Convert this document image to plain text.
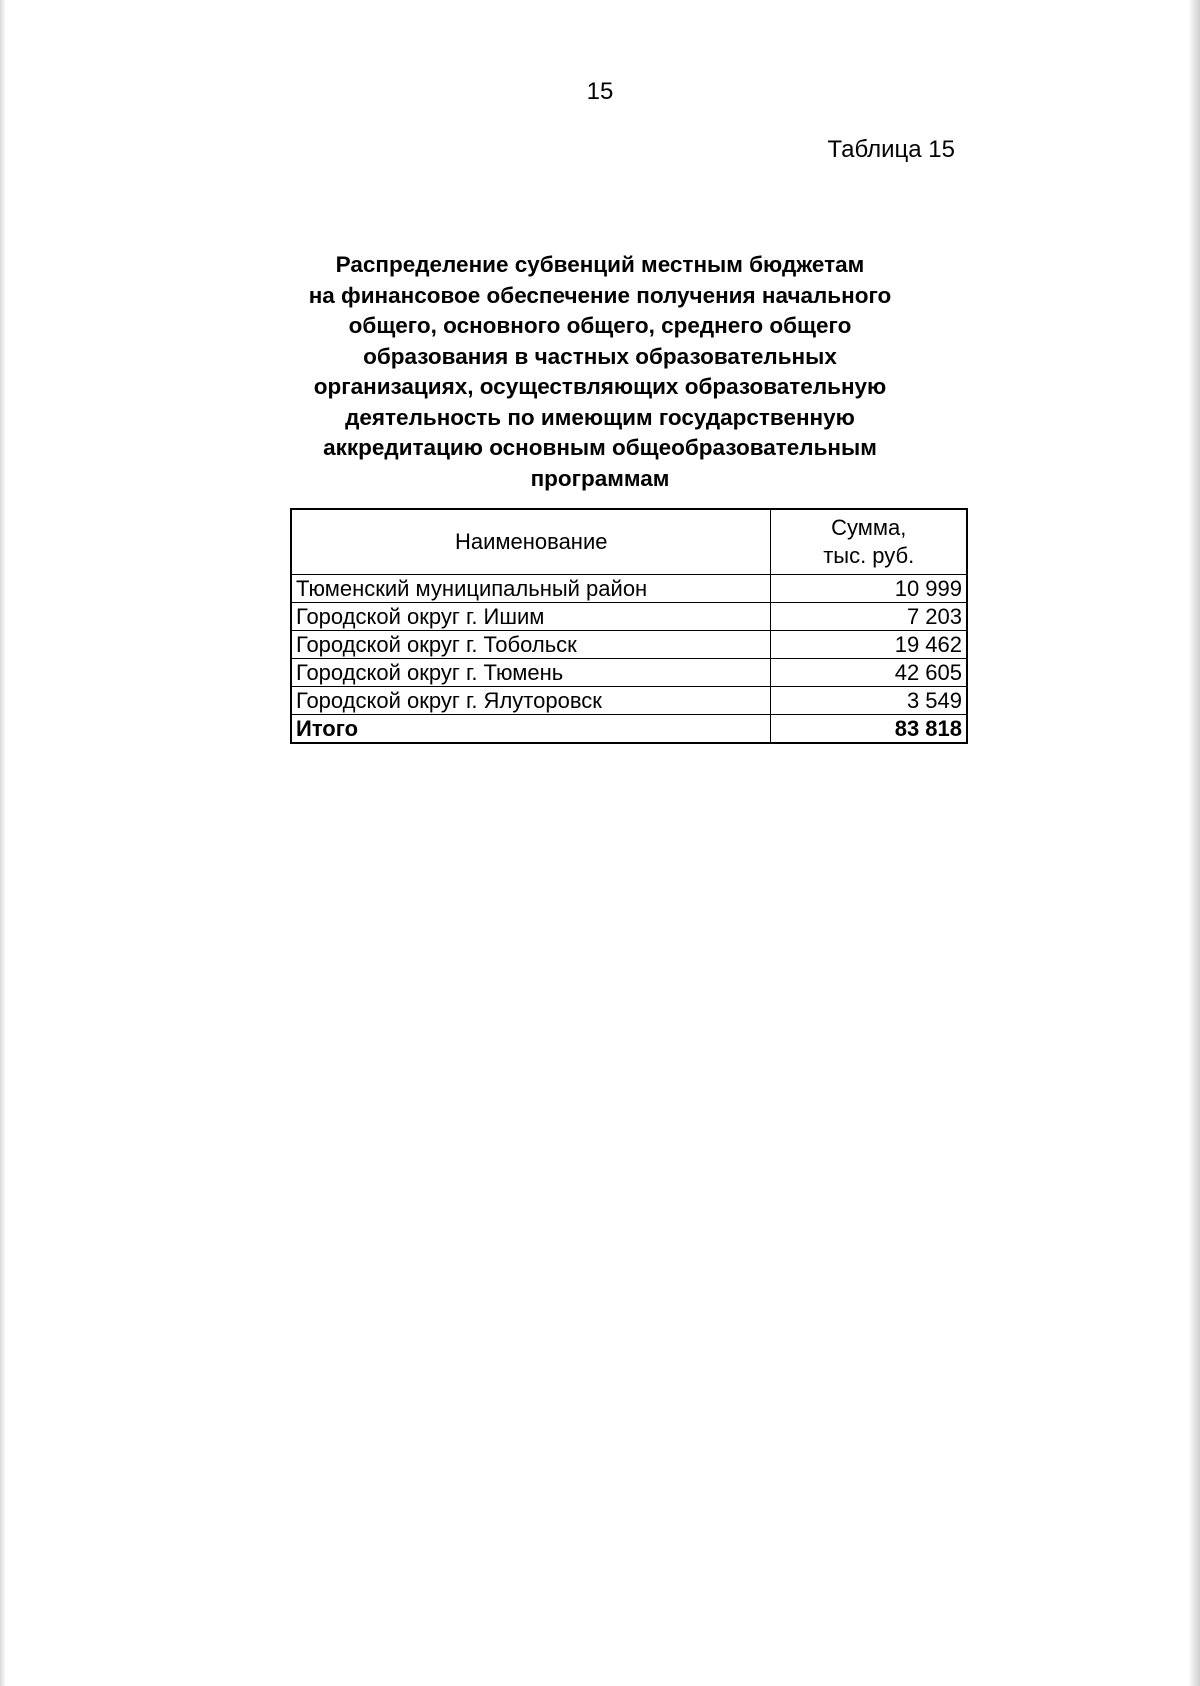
15
Таблица 15
Распределение субвенций местным бюджетам
на финансовое обеспечение получения начального
общего, основного общего, среднего общего
образования в частных образовательных
организациях, осуществляющих образовательную
деятельность по имеющим государственную
аккредитацию основным общеобразовательным
программам
Наименование	Сумма,
тыс. руб.

Тюменский муниципальный район	10 999
Городской округ г. Ишим	7 203
Городской округ г. Тобольск	19 462
Городской округ г. Тюмень	42 605
Городской округ г. Ялуторовск	3 549
Итого	83 818
